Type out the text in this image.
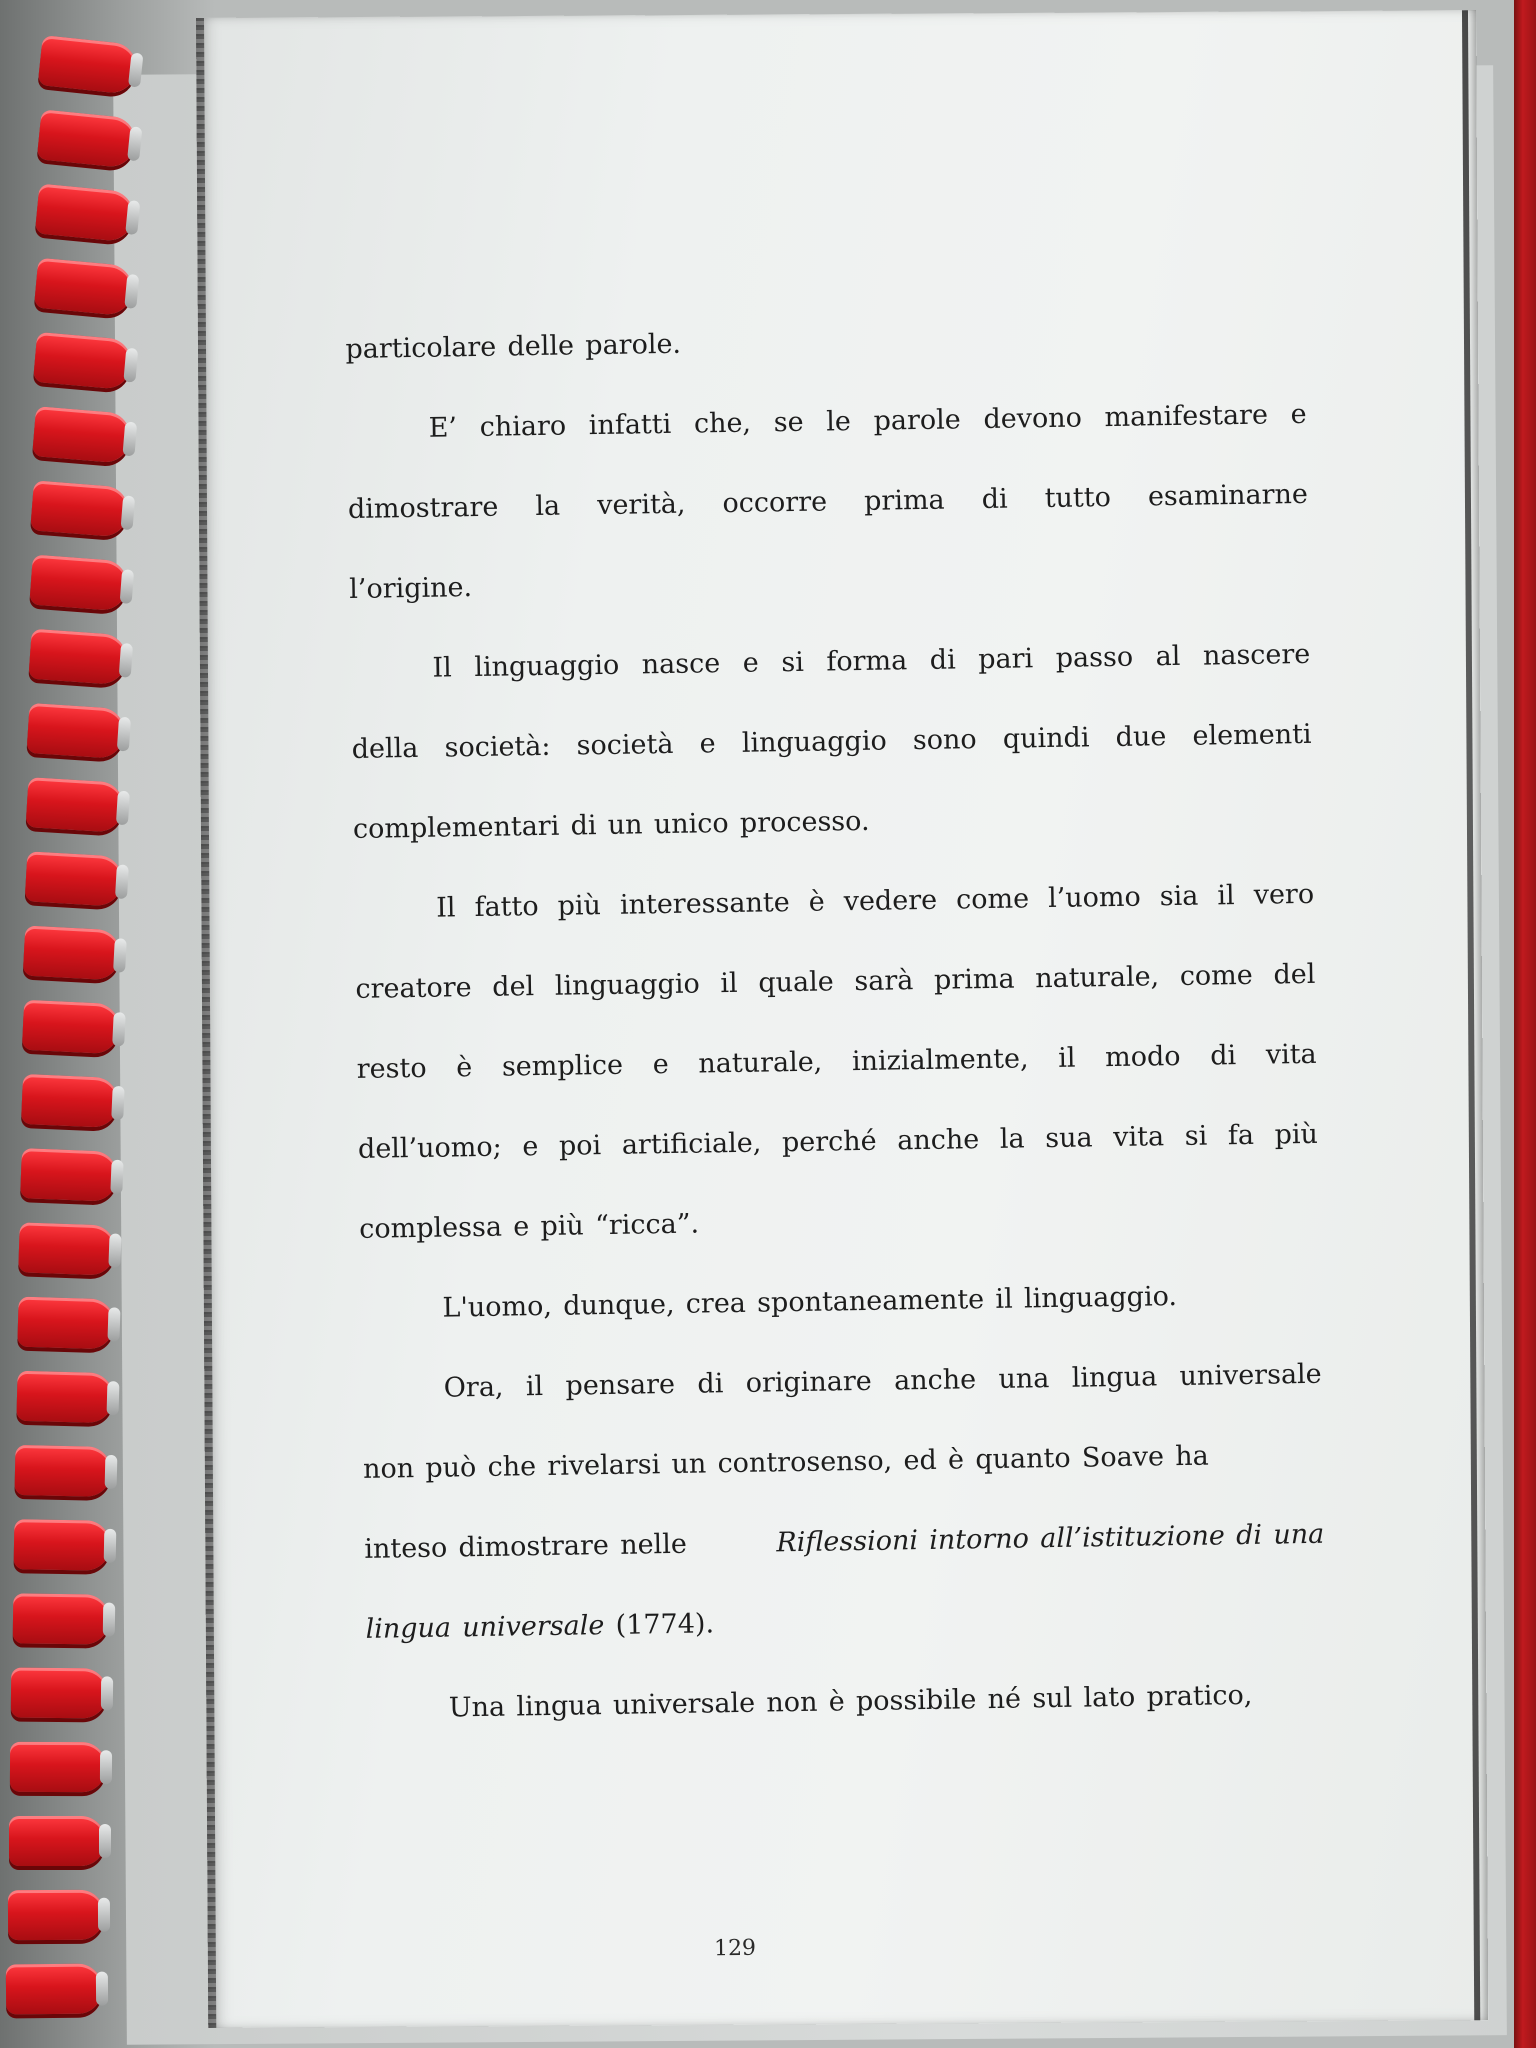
particolare delle parole.
E’ chiaro infatti che, se le parole devono manifestare e
dimostrare la verità, occorre prima di tutto esaminarne
l’origine.
Il linguaggio nasce e si forma di pari passo al nascere
della società: società e linguaggio sono quindi due elementi
complementari di un unico processo.
Il fatto più interessante è vedere come l’uomo sia il vero
creatore del linguaggio il quale sarà prima naturale, come del
resto è semplice e naturale, inizialmente, il modo di vita
dell’uomo; e poi artificiale, perché anche la sua vita si fa più
complessa e più “ricca”.
L'uomo, dunque, crea spontaneamente il linguaggio.
Ora, il pensare di originare anche una lingua universale
non può che rivelarsi un controsenso, ed è quanto Soave ha
inteso dimostrare nelle	Riflessioni intorno all’istituzione di una
lingua universale (1774).
Una lingua universale non è possibile né sul lato pratico,
129
